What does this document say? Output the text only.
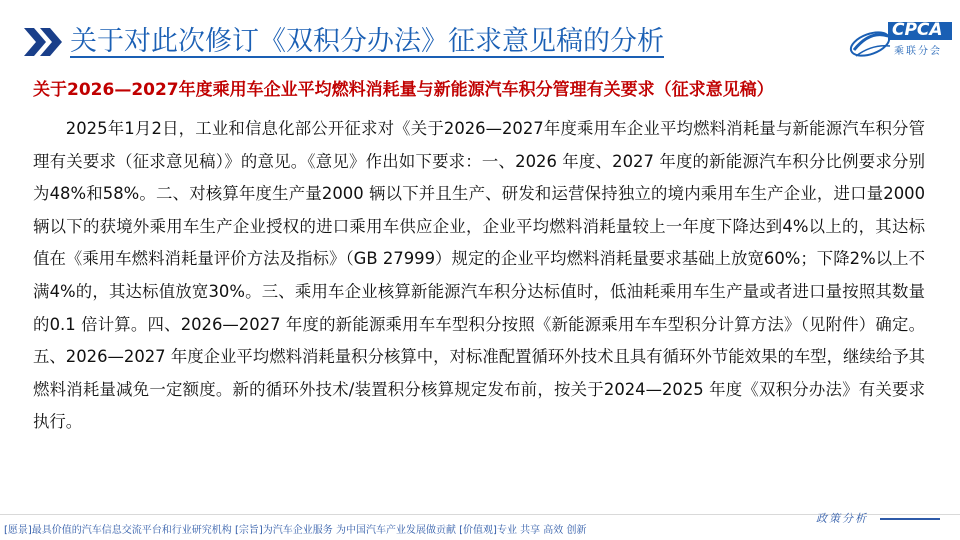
关于对此次修订《双积分办法》征求意见稿的分析	CPCA
乘联分会
关于2026—2027年度乘用车企业平均燃料消耗量与新能源汽车积分管理有关要求（征求意见稿）

2025年1月2日，工业和信息化部公开征求对《关于2026—2027年度乘用车企业平均燃料消耗量与新能源汽车积分管理有关要求（征求意见稿）》的意见。《意见》作出如下要求：一、2026 年度、2027 年度的新能源汽车积分比例要求分别为48%和58%。二、对核算年度生产量2000 辆以下并且生产、研发和运营保持独立的境内乘用车生产企业，进口量2000 辆以下的获境外乘用车生产企业授权的进口乘用车供应企业，企业平均燃料消耗量较上一年度下降达到4%以上的，其达标值在《乘用车燃料消耗量评价方法及指标》（GB 27999）规定的企业平均燃料消耗量要求基础上放宽60%；下降2%以上不满4%的，其达标值放宽30%。三、乘用车企业核算新能源汽车积分达标值时，低油耗乘用车生产量或者进口量按照其数量的0.1 倍计算。四、2026—2027 年度的新能源乘用车车型积分按照《新能源乘用车车型积分计算方法》（见附件）确定。五、2026—2027 年度企业平均燃料消耗量积分核算中，对标准配置循环外技术且具有循环外节能效果的车型，继续给予其燃料消耗量减免一定额度。新的循环外技术/装置积分核算规定发布前，按关于2024—2025 年度《双积分办法》有关要求执行。

[愿景]最具价值的汽车信息交流平台和行业研究机构 [宗旨]为汽车企业服务 为中国汽车产业发展做贡献 [价值观]专业 共享 高效 创新
政策分析
